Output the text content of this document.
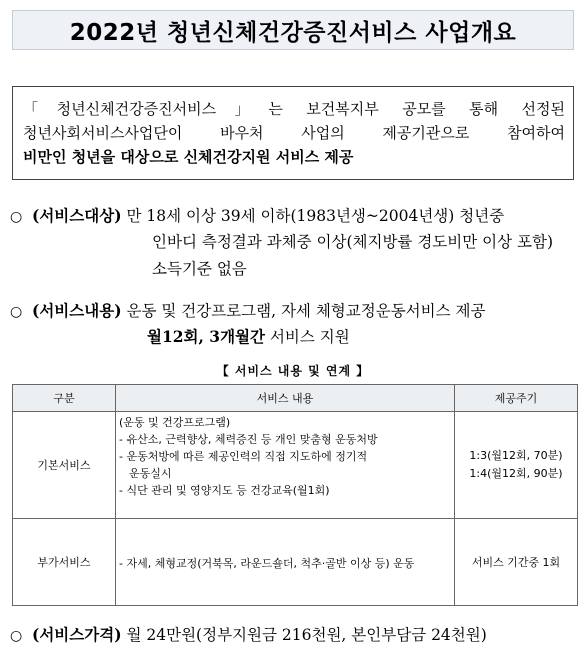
2022년 청년신체건강증진서비스 사업개요
「청년신체건강증진서비스」는 보건복지부 공모를 통해 선정된
청년사회서비스사업단이 바우처 사업의 제공기관으로 참여하여
비만인 청년을 대상으로 신체건강지원 서비스 제공
○ (서비스대상) 만 18세 이상 39세 이하(1983년생~2004년생) 청년중
인바디 측정결과 과체중 이상(체지방률 경도비만 이상 포함)
소득기준 없음
○ (서비스내용) 운동 및 건강프로그램, 자세 체형교정운동서비스 제공
월12회, 3개월간 서비스 지원
【 서비스 내용 및 연계 】
구분	서비스 내용	제공주기
기본서비스	(운동 및 건강프로그램)
- 유산소, 근력향상, 체력증진 등 개인 맞춤형 운동처방
- 운동처방에 따른 제공인력의 직접 지도하에 정기적
운동실시
- 식단 관리 및 영양지도 등 건강교육(월1회)	1:3(월12회, 70분)
1:4(월12회, 90분)

부가서비스	- 자세, 체형교정(거북목, 라운드숄더, 척추·골반 이상 등) 운동	서비스 기간중 1회
○ (서비스가격) 월 24만원(정부지원금 216천원, 본인부담금 24천원)
